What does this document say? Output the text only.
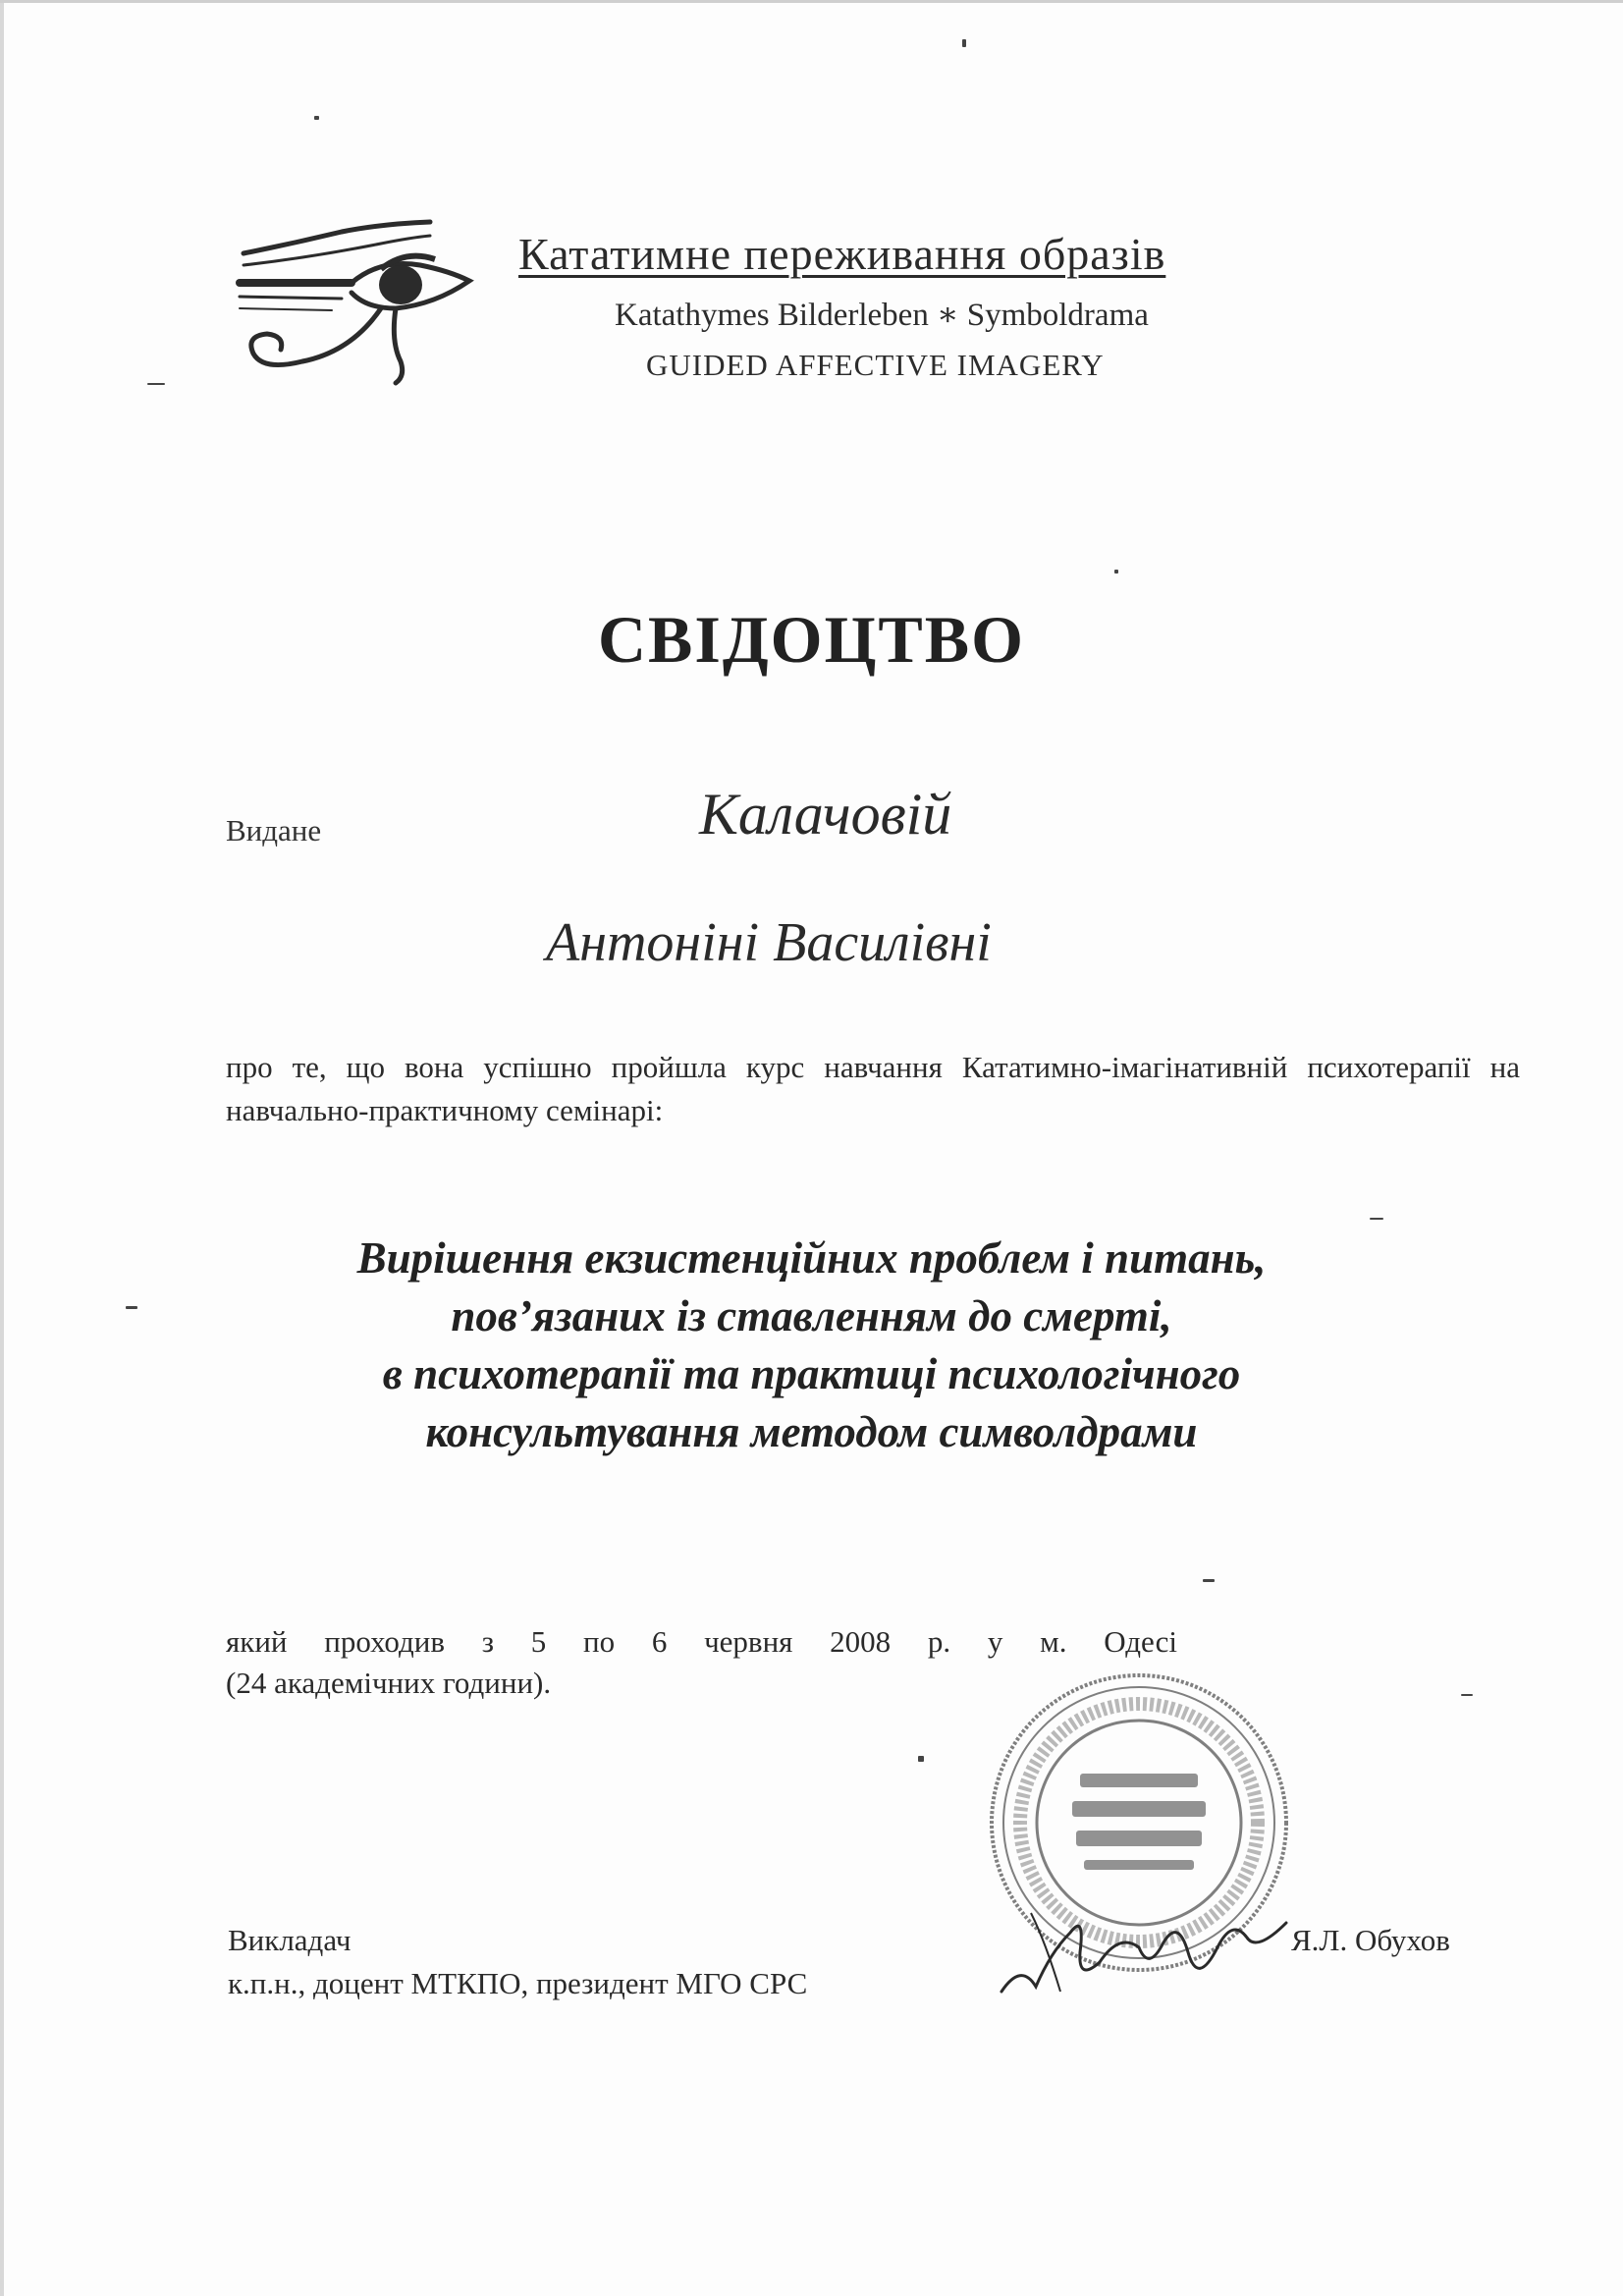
Кататимне переживання образів
Katathymes Bilderleben ∗ Symboldrama
GUIDED AFFECTIVE IMAGERY
СВІДОЦТВО
Видане	Калачовій
Антоніні Василівні
про те, що вона успішно пройшла курс навчання Кататимно-імагінативній психотерапії на навчально-практичному семінарі:
Вирішення екзистенційних проблем і питань,
пов’язаних із ставленням до смерті,
в психотерапії та практиці психологічного
консультування методом символдрами
який проходив з 5 по 6 червня 2008 р. у м. Одесі
(24 академічних години).
Викладач
к.п.н., доцент МТКПО, президент МГО СРС
Я.Л. Обухов
